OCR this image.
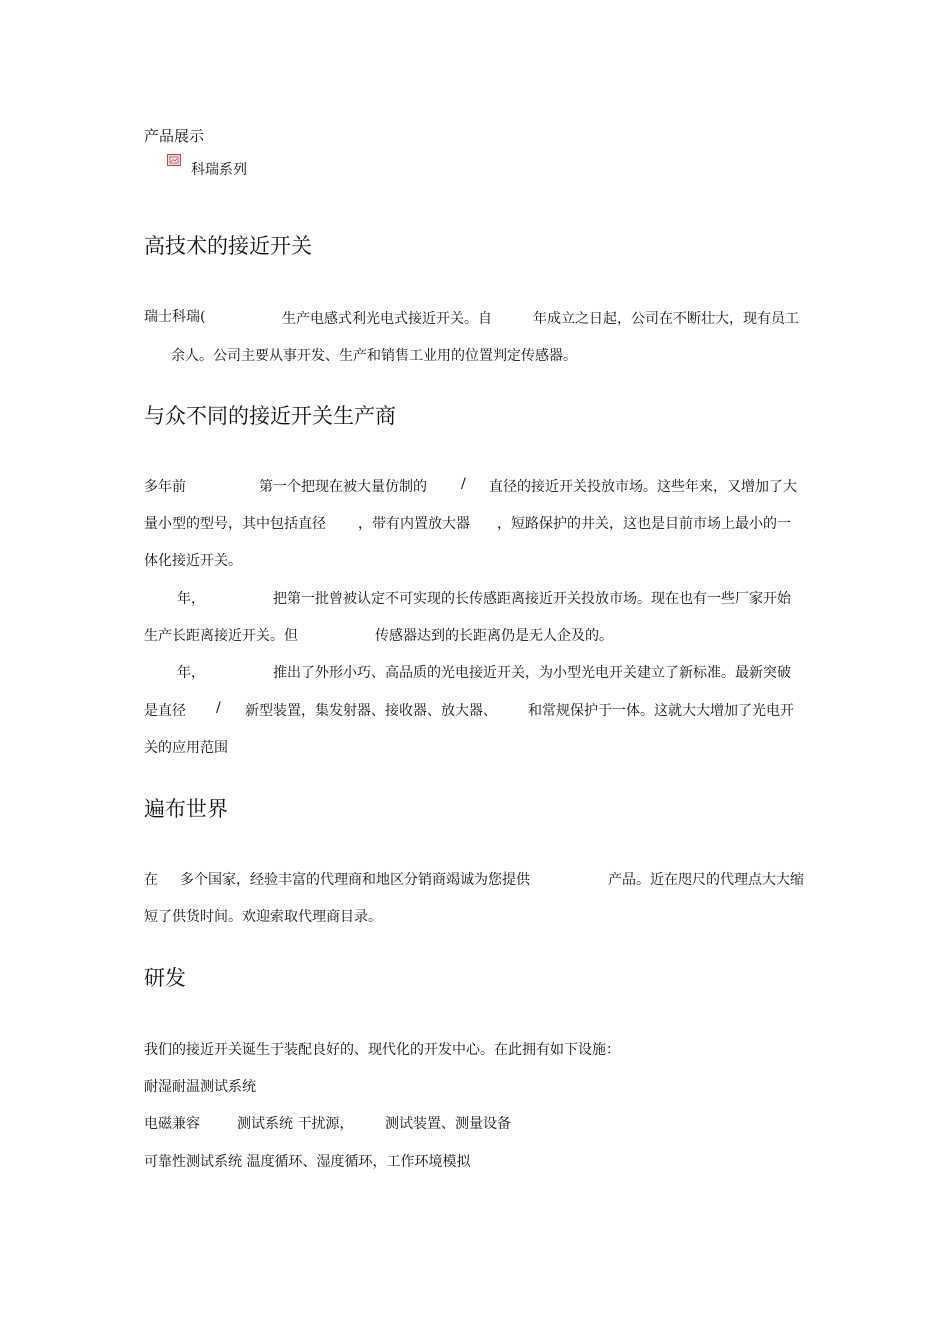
产品展示
科瑞系列
高技术的接近开关
瑞士科瑞(	生产电感式利光电式接近开关。自	年成立之日起，公司在不断壮大，现有员工
余人。公司主要从事开发、生产和销售工业用的位置判定传感器。
与众不同的接近开关生产商
多年前	第一个把现在被大量仿制的 / 直径的接近开关投放市场。这些年来，又增加了大
量小型的型号，其中包括直径 ，带有内置放大器 ，短路保护的井关，这也是目前市场上最小的一
体化接近开关。
年，	把第一批曾被认定不可实现的长传感距离接近开关投放市场。现在也有一些厂家开始
生产长距离接近开关。但	传感器达到的长距离仍是无人企及的。
年，	推出了外形小巧、高品质的光电接近开关，为小型光电开关建立了新标准。最新突破
是直径 / 新型装置，集发射器、接收器、放大器、 和常规保护于一体。这就大大增加了光电开
关的应用范围
遍布世界
在 多个国家，经验丰富的代理商和地区分销商竭诚为您提供	产品。近在咫尺的代理点大大缩
短了供货时间。欢迎索取代理商目录。
研发
我们的接近开关诞生于装配良好的、现代化的开发中心。在此拥有如下设施：
耐湿耐温测试系统
电磁兼容	测试系统 干扰源， 测试装置、测量设备
可靠性测试系统 温度循环、湿度循环，工作环境模拟
